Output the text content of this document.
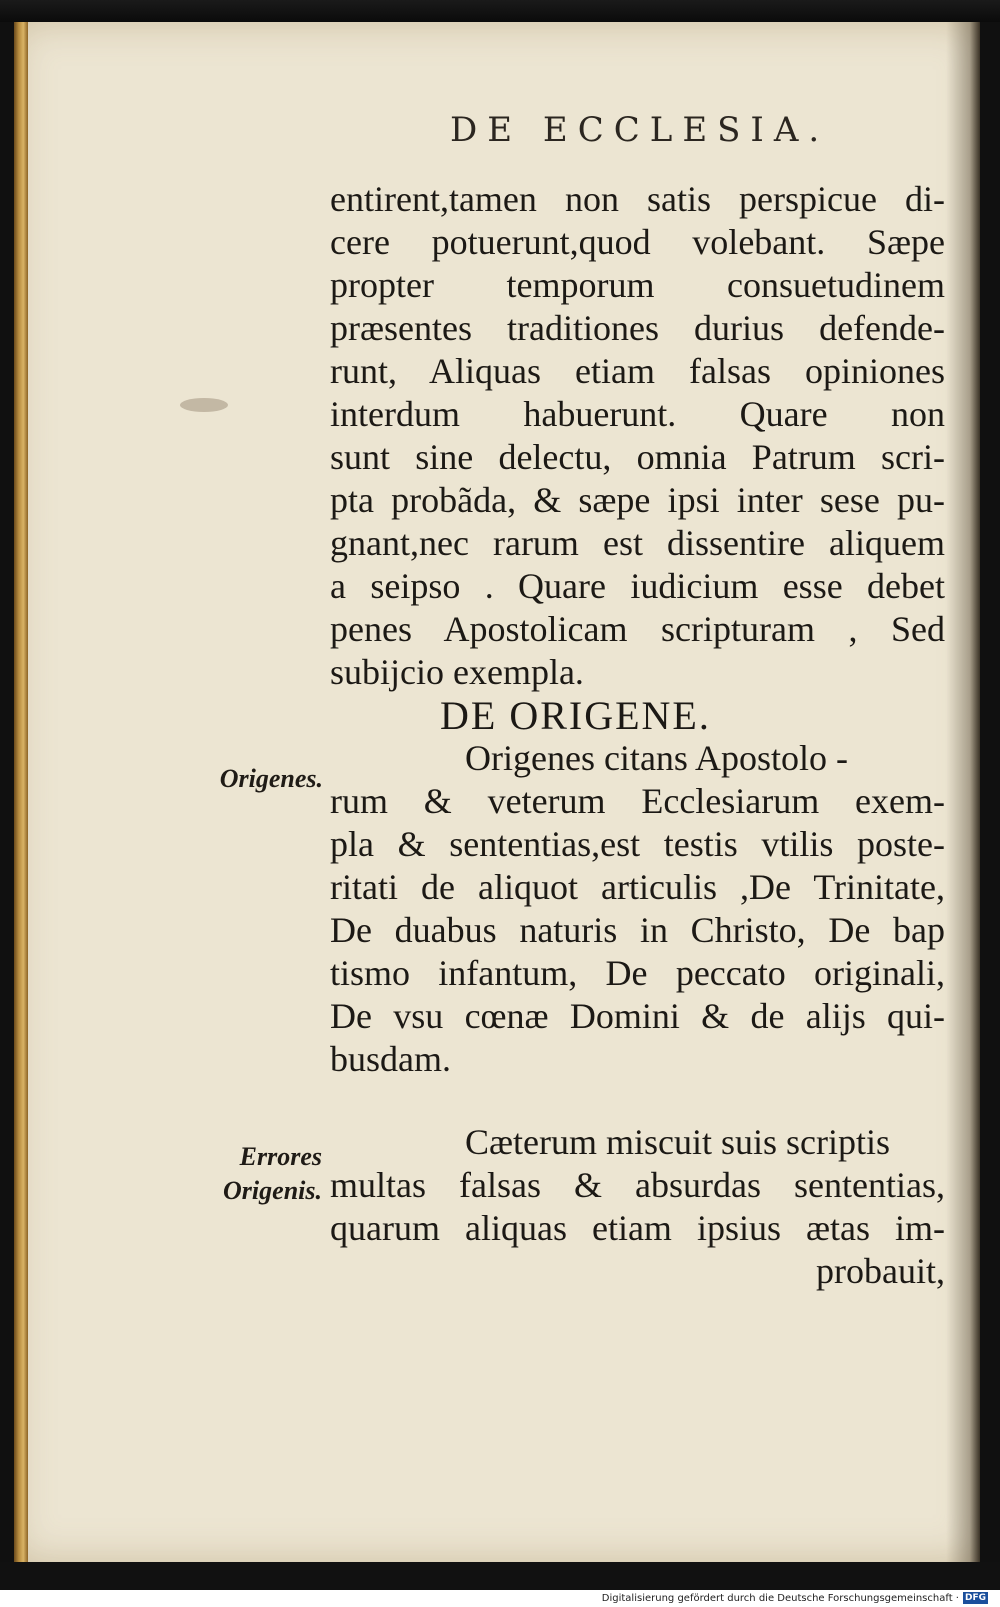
DE ECCLESIA.
Origenes.
Errores
Origenis.
entirent,tamen non satis perspicue di-
cere potuerunt,quod volebant. Sæpe
propter temporum consuetudinem
præsentes traditiones durius defende-
runt, Aliquas etiam falsas opiniones
interdum habuerunt. Quare non
sunt sine delectu, omnia Patrum scri-
pta probãda, & sæpe ipsi inter sese pu-
gnant,nec rarum est dissentire aliquem
a seipso . Quare iudicium esse debet
penes Apostolicam scripturam , Sed
subijcio exempla.
DE ORIGENE.
Origenes citans Apostolo -
rum & veterum Ecclesiarum exem-
pla & sententias,est testis vtilis poste-
ritati de aliquot articulis ,De Trinitate,
De duabus naturis in Christo, De bap
tismo infantum, De peccato originali,
De vsu cœnæ Domini & de alijs qui-
busdam.
Cæterum miscuit suis scriptis
multas falsas & absurdas sententias,
quarum aliquas etiam ipsius ætas im-
probauit,
Digitalisierung gefördert durch die Deutsche Forschungsgemeinschaft · DFG
